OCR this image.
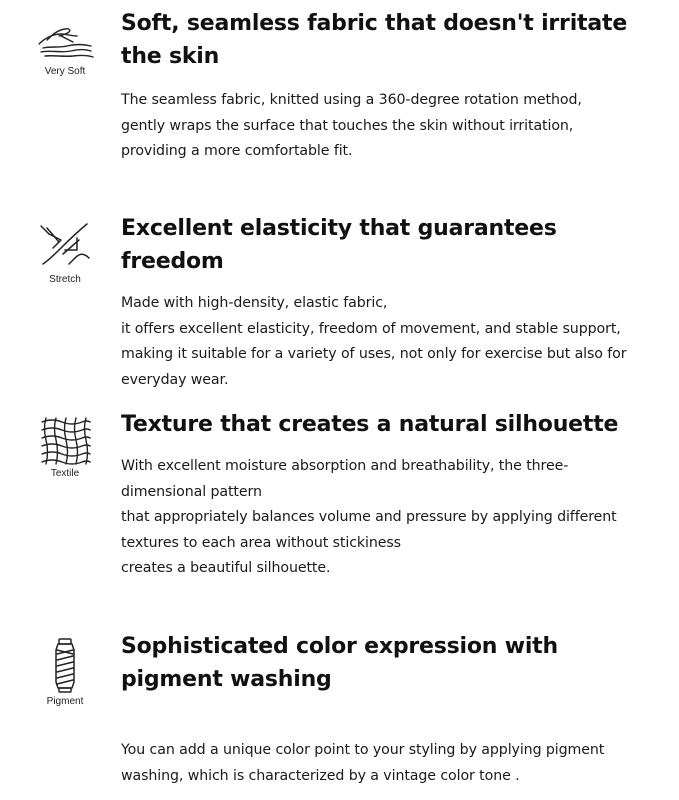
Very Soft
Soft, seamless fabric that doesn't irritate the skin

The seamless fabric, knitted using a 360-degree rotation method,
gently wraps the surface that touches the skin without irritation,
providing a more comfortable fit.

Stretch
Excellent elasticity that guarantees freedom

Made with high-density, elastic fabric,
it offers excellent elasticity, freedom of movement, and stable support,
making it suitable for a variety of uses, not only for exercise but also for
everyday wear.

Textile
Texture that creates a natural silhouette

With excellent moisture absorption and breathability, the three-
dimensional pattern
that appropriately balances volume and pressure by applying different
textures to each area without stickiness
creates a beautiful silhouette.

Pigment
Sophisticated color expression with pigment washing

You can add a unique color point to your styling by applying pigment
washing, which is characterized by a vintage color tone .
